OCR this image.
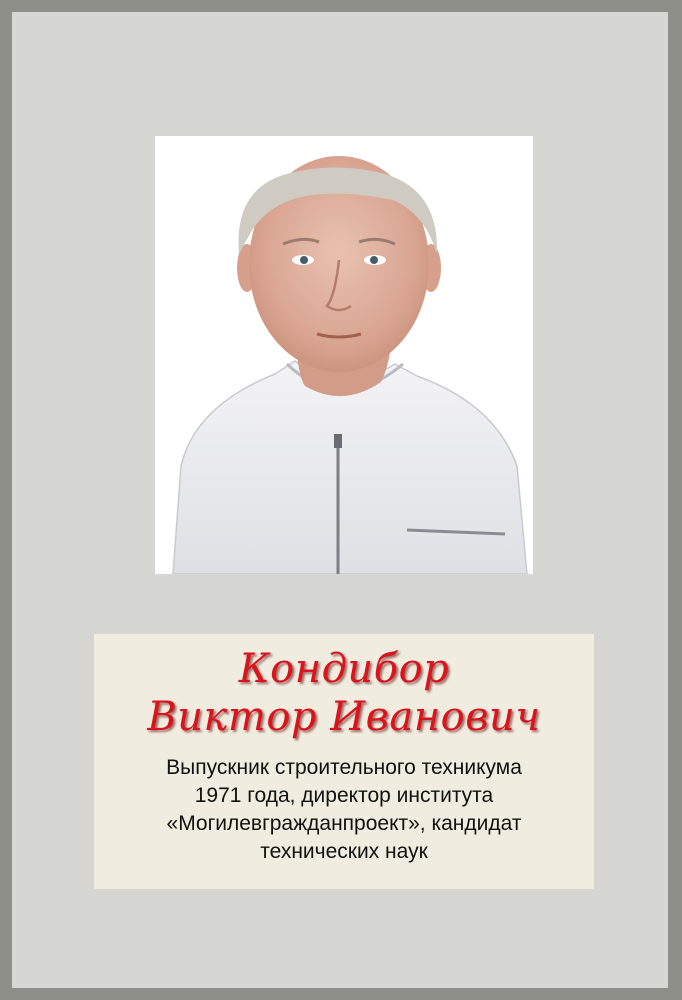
Кондибор
Виктор Иванович
Выпускник строительного техникума
1971 года, директор института
«Могилевгражданпроект», кандидат
технических наук
